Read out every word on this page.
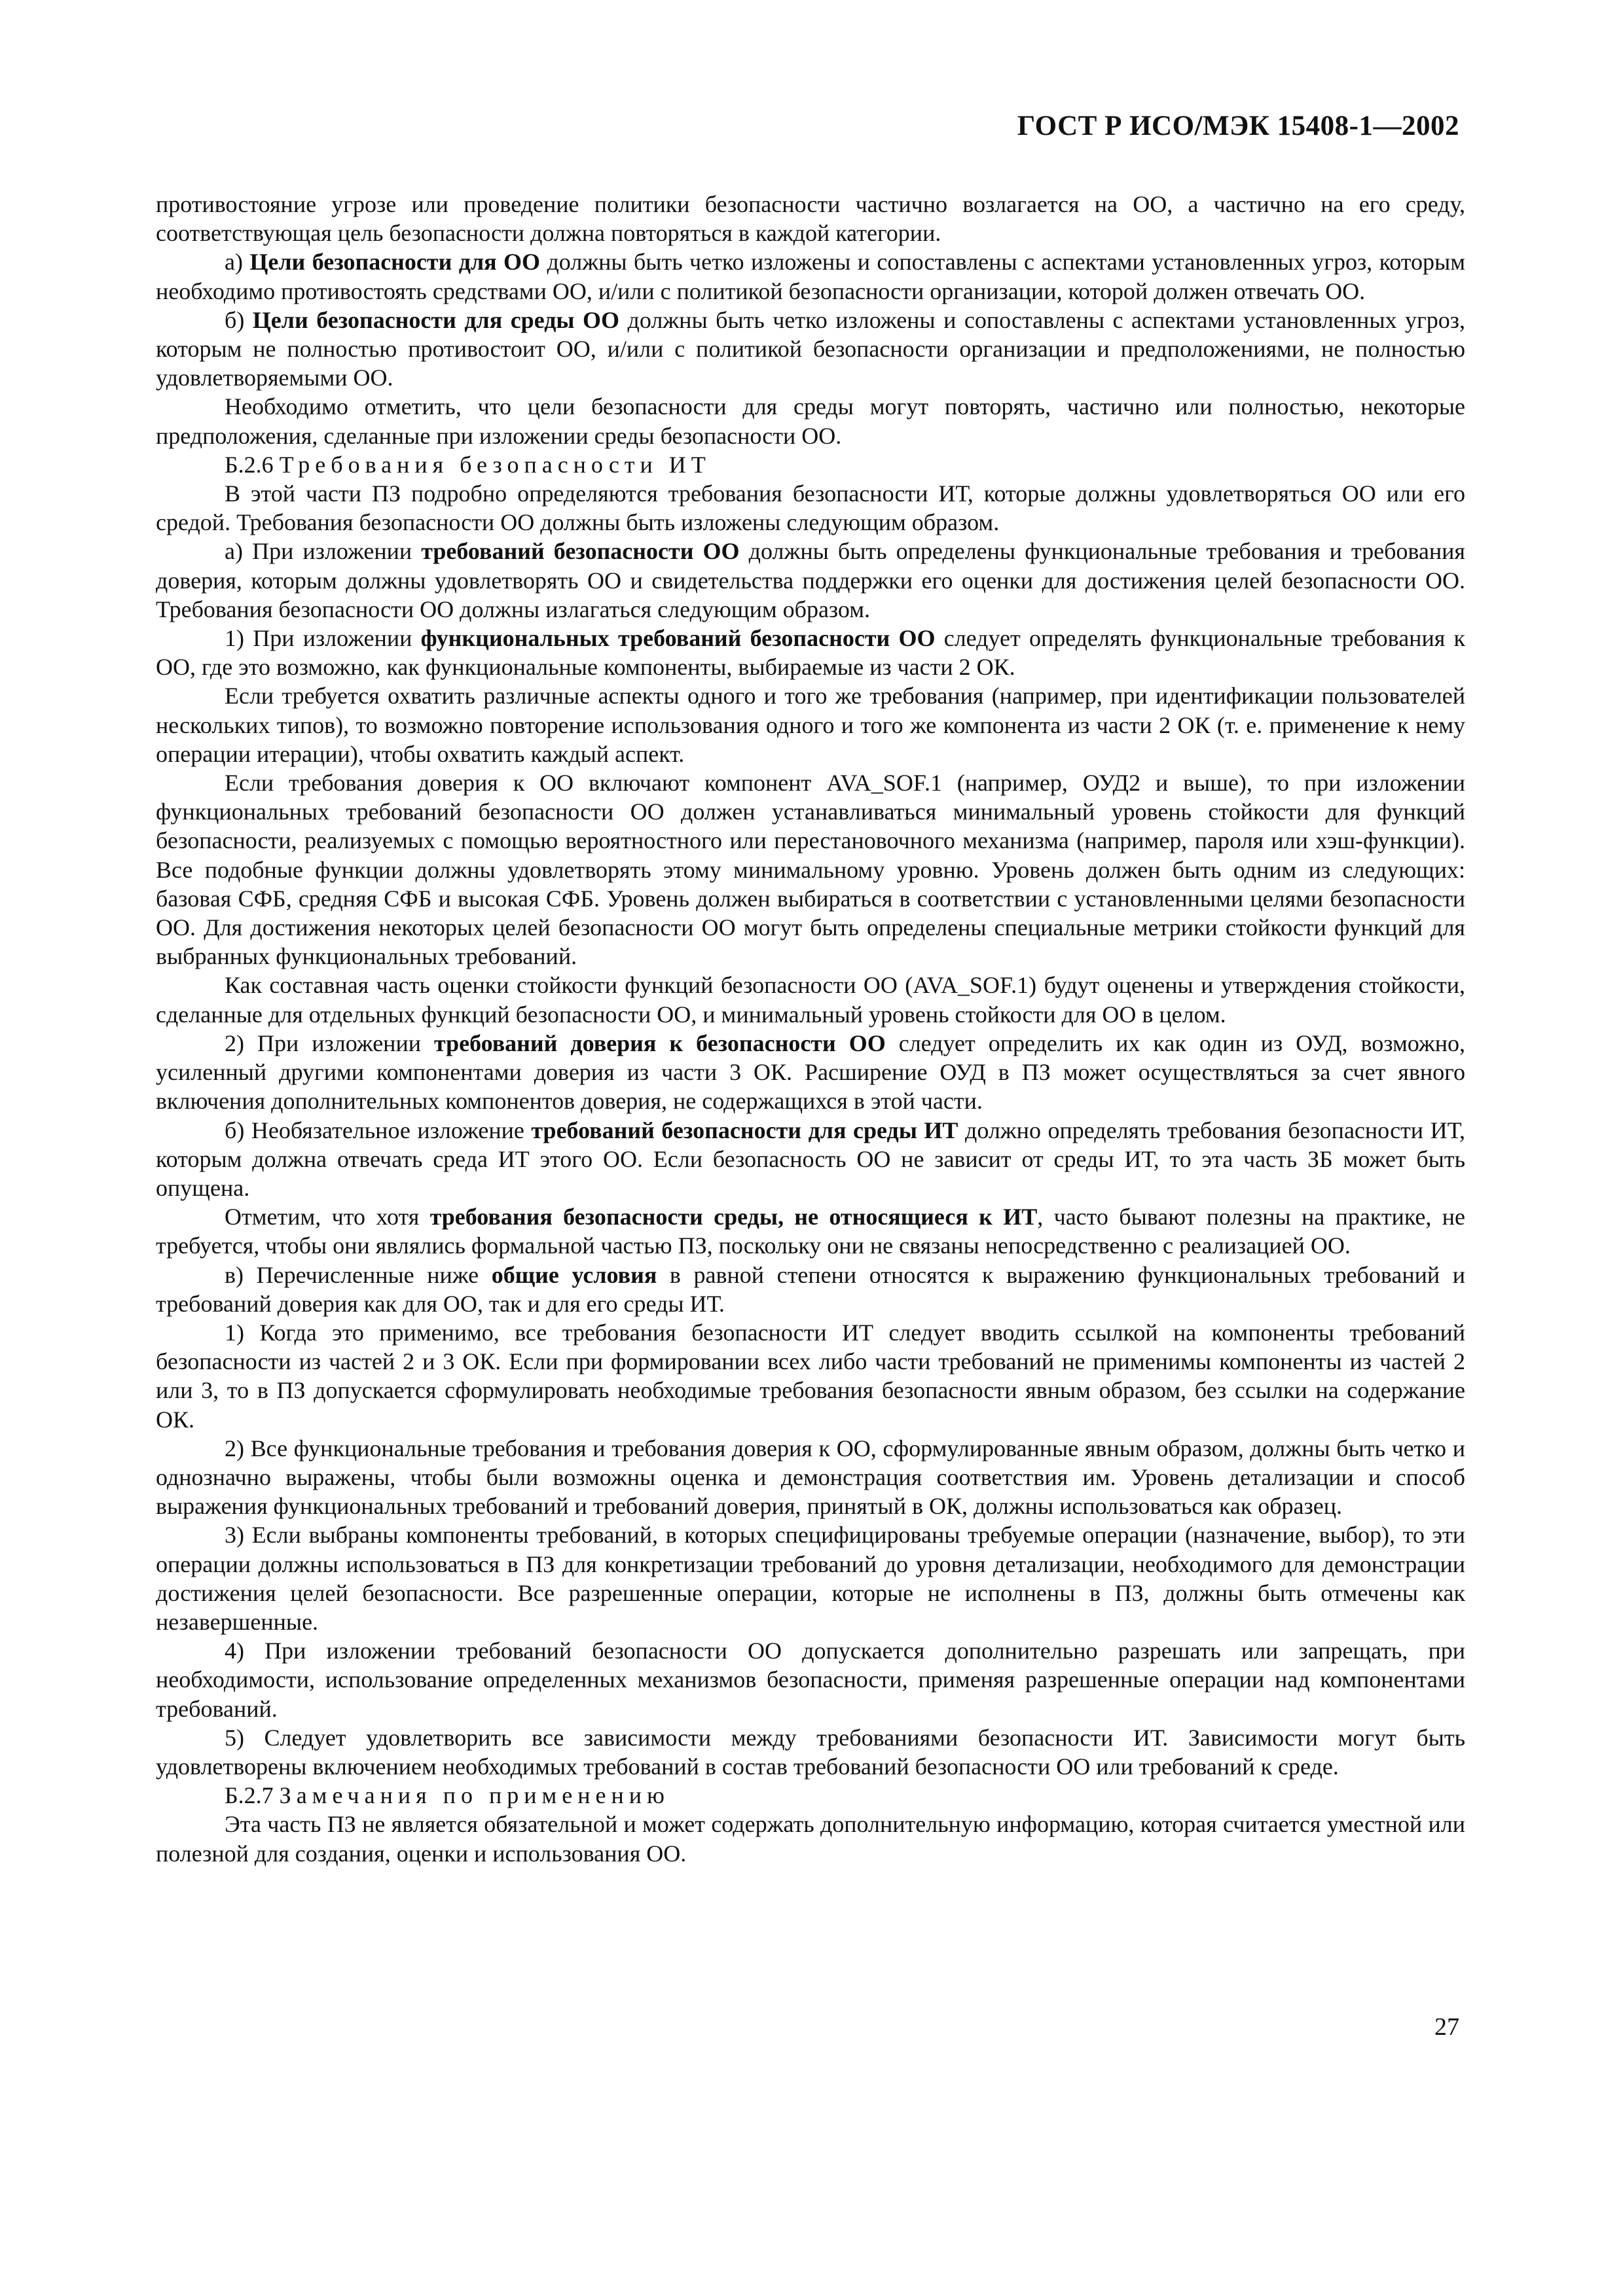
ГОСТ Р ИСО/МЭК 15408-1—2002

противостояние угрозе или проведение политики безопасности частично возлагается на ОО, а частично на его среду, соответствующая цель безопасности должна повторяться в каждой категории.

а) Цели безопасности для ОО должны быть четко изложены и сопоставлены с аспектами установленных угроз, которым необходимо противостоять средствами ОО, и/или с политикой безопасности организации, которой должен отвечать ОО.

б) Цели безопасности для среды ОО должны быть четко изложены и сопоставлены с аспектами установленных угроз, которым не полностью противостоит ОО, и/или с политикой безопасности организации и предположениями, не полностью удовлетворяемыми ОО.

Необходимо отметить, что цели безопасности для среды могут повторять, частично или полностью, некоторые предположения, сделанные при изложении среды безопасности ОО.

Б.2.6 Требования безопасности ИТ

В этой части ПЗ подробно определяются требования безопасности ИТ, которые должны удовлетворяться ОО или его средой. Требования безопасности ОО должны быть изложены следующим образом.

а) При изложении требований безопасности ОО должны быть определены функциональные требования и требования доверия, которым должны удовлетворять ОО и свидетельства поддержки его оценки для достижения целей безопасности ОО. Требования безопасности ОО должны излагаться следующим образом.

1) При изложении функциональных требований безопасности ОО следует определять функциональные требования к ОО, где это возможно, как функциональные компоненты, выбираемые из части 2 ОК.

Если требуется охватить различные аспекты одного и того же требования (например, при идентификации пользователей нескольких типов), то возможно повторение использования одного и того же компонента из части 2 ОК (т. е. применение к нему операции итерации), чтобы охватить каждый аспект.

Если требования доверия к ОО включают компонент AVA_SOF.1 (например, ОУД2 и выше), то при изложении функциональных требований безопасности ОО должен устанавливаться минимальный уровень стойкости для функций безопасности, реализуемых с помощью вероятностного или перестановочного механизма (например, пароля или хэш-функции). Все подобные функции должны удовлетворять этому минимальному уровню. Уровень должен быть одним из следующих: базовая СФБ, средняя СФБ и высокая СФБ. Уровень должен выбираться в соответствии с установленными целями безопасности ОО. Для достижения некоторых целей безопасности ОО могут быть определены специальные метрики стойкости функций для выбранных функциональных требований.

Как составная часть оценки стойкости функций безопасности ОО (AVA_SOF.1) будут оценены и утверждения стойкости, сделанные для отдельных функций безопасности ОО, и минимальный уровень стойкости для ОО в целом.

2) При изложении требований доверия к безопасности ОО следует определить их как один из ОУД, возможно, усиленный другими компонентами доверия из части 3 ОК. Расширение ОУД в ПЗ может осуществляться за счет явного включения дополнительных компонентов доверия, не содержащихся в этой части.

б) Необязательное изложение требований безопасности для среды ИТ должно определять требования безопасности ИТ, которым должна отвечать среда ИТ этого ОО. Если безопасность ОО не зависит от среды ИТ, то эта часть ЗБ может быть опущена.

Отметим, что хотя требования безопасности среды, не относящиеся к ИТ, часто бывают полезны на практике, не требуется, чтобы они являлись формальной частью ПЗ, поскольку они не связаны непосредственно с реализацией ОО.

в) Перечисленные ниже общие условия в равной степени относятся к выражению функциональных требований и требований доверия как для ОО, так и для его среды ИТ.

1) Когда это применимо, все требования безопасности ИТ следует вводить ссылкой на компоненты требований безопасности из частей 2 и 3 ОК. Если при формировании всех либо части требований не применимы компоненты из частей 2 или 3, то в ПЗ допускается сформулировать необходимые требования безопасности явным образом, без ссылки на содержание ОК.

2) Все функциональные требования и требования доверия к ОО, сформулированные явным образом, должны быть четко и однозначно выражены, чтобы были возможны оценка и демонстрация соответствия им. Уровень детализации и способ выражения функциональных требований и требований доверия, принятый в ОК, должны использоваться как образец.

3) Если выбраны компоненты требований, в которых специфицированы требуемые операции (назначение, выбор), то эти операции должны использоваться в ПЗ для конкретизации требований до уровня детализации, необходимого для демонстрации достижения целей безопасности. Все разрешенные операции, которые не исполнены в ПЗ, должны быть отмечены как незавершенные.

4) При изложении требований безопасности ОО допускается дополнительно разрешать или запрещать, при необходимости, использование определенных механизмов безопасности, применяя разрешенные операции над компонентами требований.

5) Следует удовлетворить все зависимости между требованиями безопасности ИТ. Зависимости могут быть удовлетворены включением необходимых требований в состав требований безопасности ОО или требований к среде.

Б.2.7 Замечания по применению

Эта часть ПЗ не является обязательной и может содержать дополнительную информацию, которая считается уместной или полезной для создания, оценки и использования ОО.

27
